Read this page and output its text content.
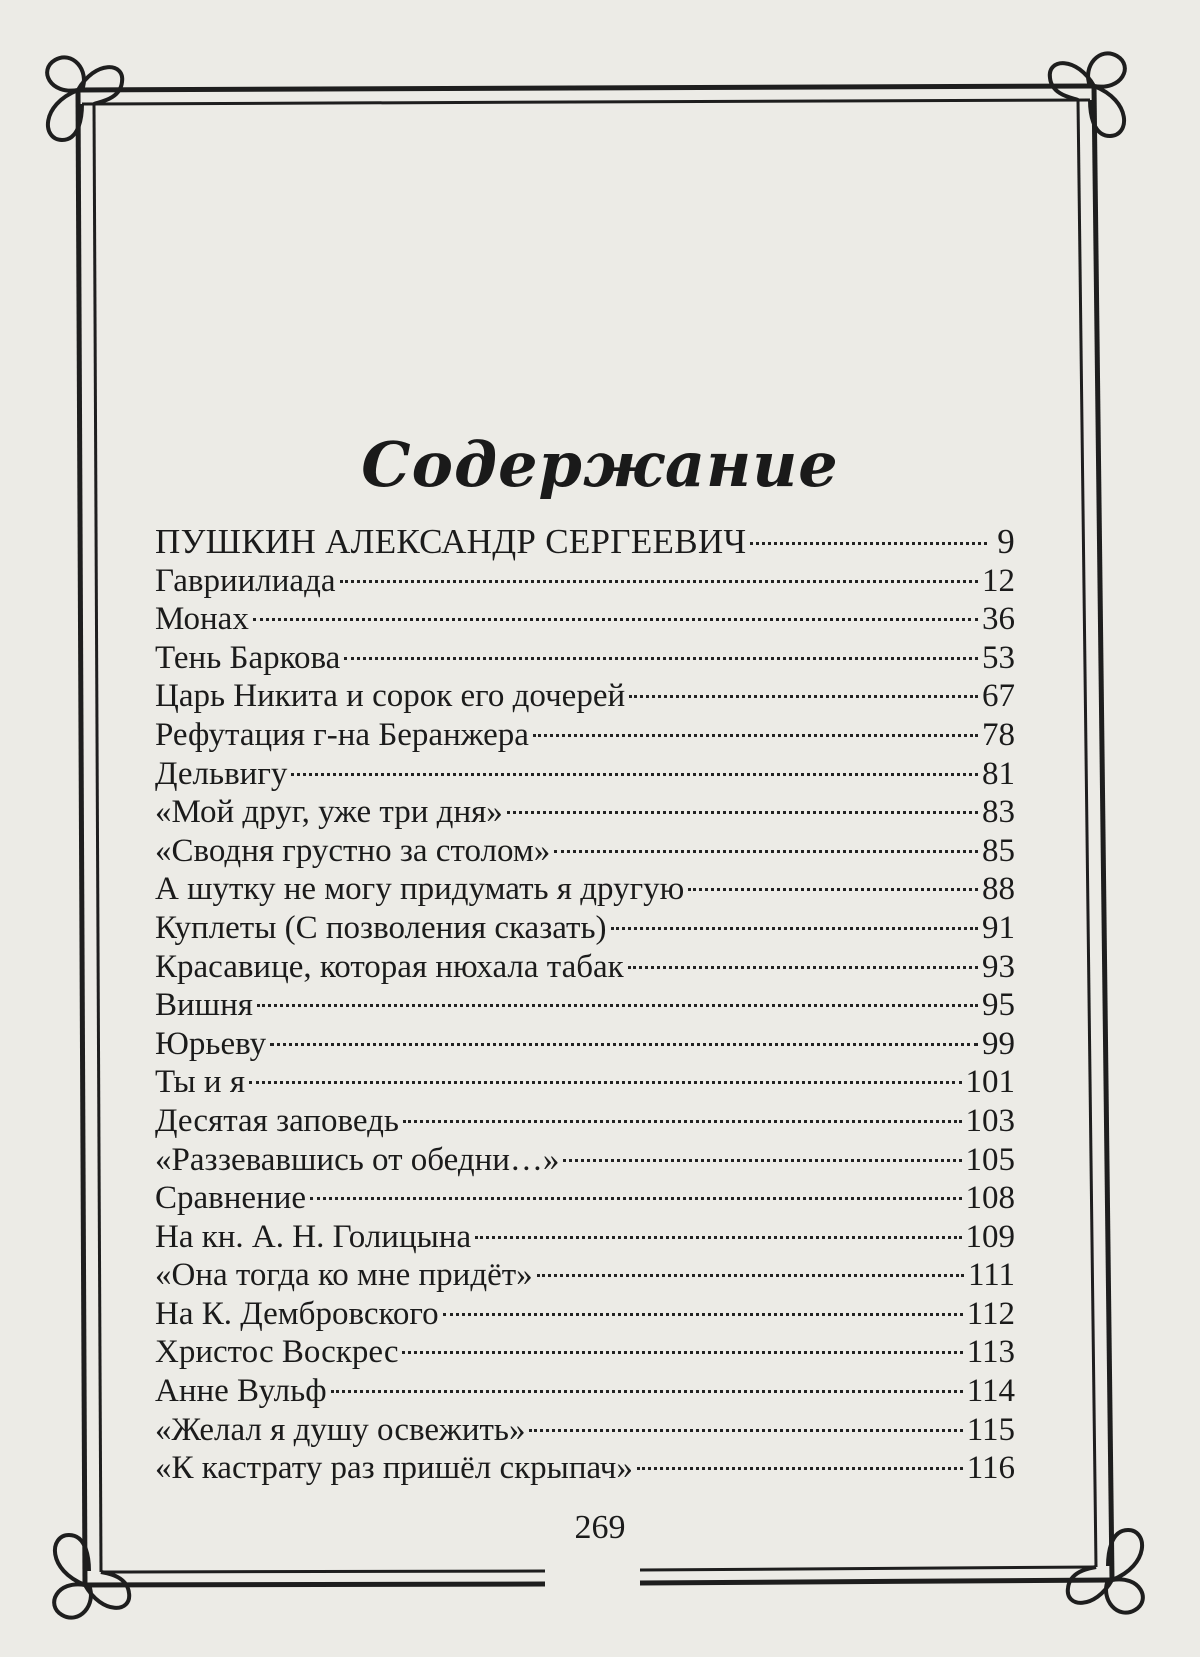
Содержание
ПУШКИН АЛЕКСАНДР СЕРГЕЕВИЧ	9
Гавриилиада	12
Монах	36
Тень Баркова	53
Царь Никита и сорок его дочерей	67
Рефутация г-на Беранжера	78
Дельвигу	81
«Мой друг, уже три дня»	83
«Сводня грустно за столом»	85
А шутку не могу придумать я другую	88
Куплеты (С позволения сказать)	91
Красавице, которая нюхала табак	93
Вишня	95
Юрьеву	99
Ты и я	101
Десятая заповедь	103
«Раззевавшись от обедни…»	105
Сравнение	108
На кн. А. Н. Голицына	109
«Она тогда ко мне придёт»	111
На К. Дембровского	112
Христос Воскрес	113
Анне Вульф	114
«Желал я душу освежить»	115
«К кастрату раз пришёл скрыпач»	116
269
